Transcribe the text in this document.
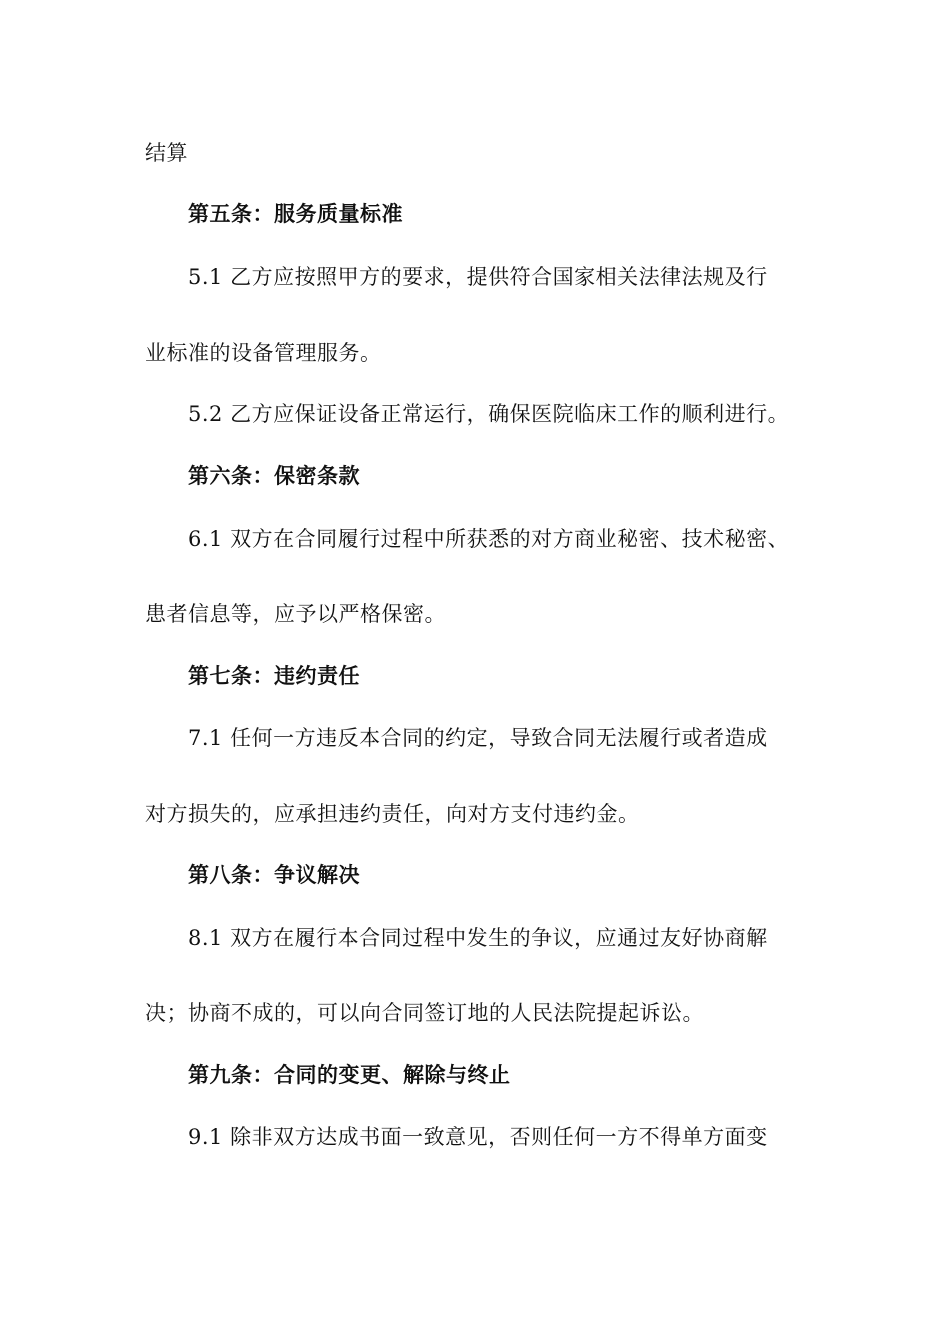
结算
第五条：服务质量标准
5.1 乙方应按照甲方的要求，提供符合国家相关法律法规及行
业标准的设备管理服务。
5.2 乙方应保证设备正常运行，确保医院临床工作的顺利进行。
第六条：保密条款
6.1 双方在合同履行过程中所获悉的对方商业秘密、技术秘密、
患者信息等，应予以严格保密。
第七条：违约责任
7.1 任何一方违反本合同的约定，导致合同无法履行或者造成
对方损失的，应承担违约责任，向对方支付违约金。
第八条：争议解决
8.1 双方在履行本合同过程中发生的争议，应通过友好协商解
决；协商不成的，可以向合同签订地的人民法院提起诉讼。
第九条：合同的变更、解除与终止
9.1 除非双方达成书面一致意见，否则任何一方不得单方面变
